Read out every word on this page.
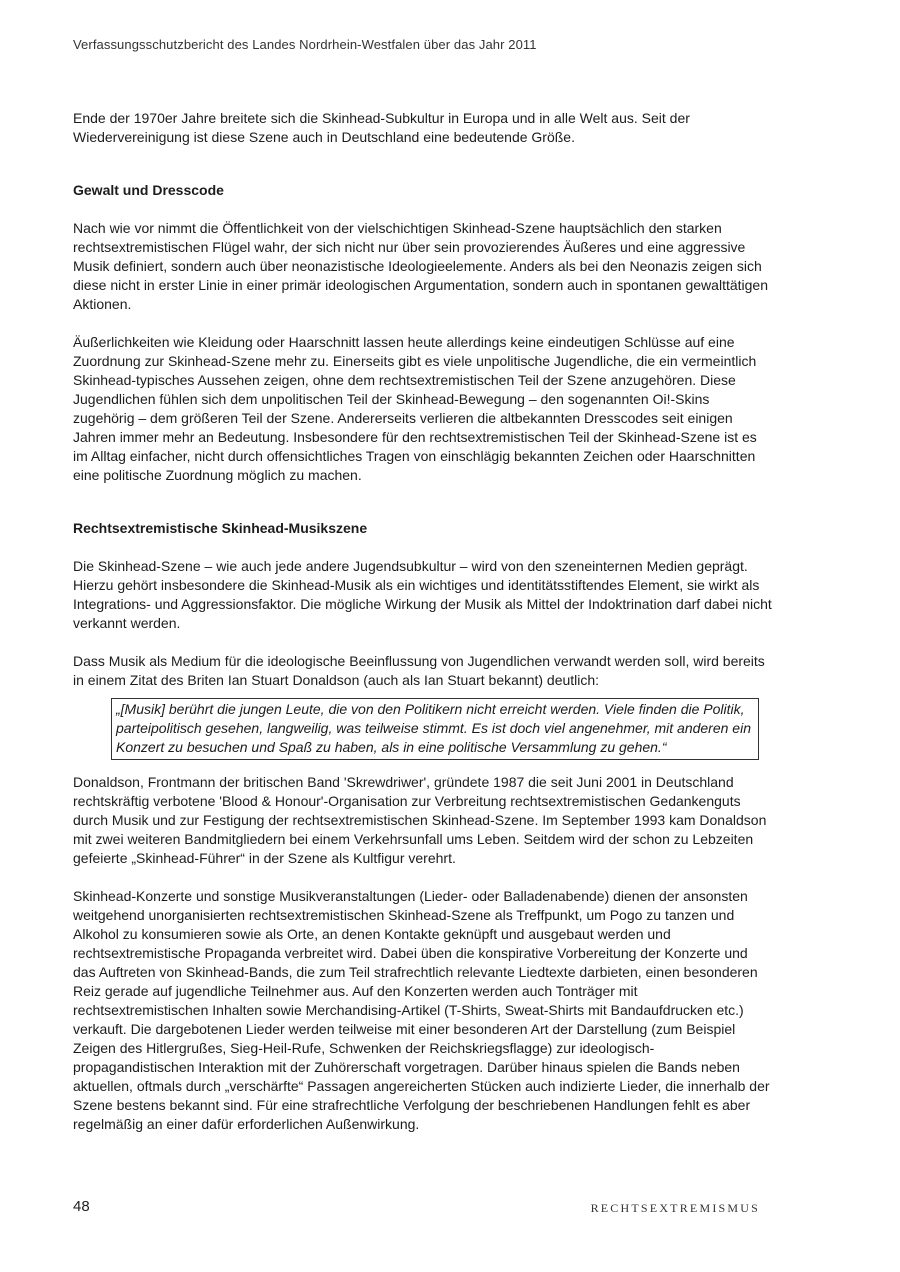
Verfassungsschutzbericht des Landes Nordrhein-Westfalen über das Jahr 2011

Ende der 1970er Jahre breitete sich die Skinhead-Subkultur in Europa und in alle Welt aus. Seit der Wiedervereinigung ist diese Szene auch in Deutschland eine bedeutende Größe.

Gewalt und Dresscode

Nach wie vor nimmt die Öffentlichkeit von der vielschichtigen Skinhead-Szene hauptsächlich den starken rechtsextremistischen Flügel wahr, der sich nicht nur über sein provozierendes Äußeres und eine aggressive Musik definiert, sondern auch über neonazistische Ideologieelemente. Anders als bei den Neonazis zeigen sich diese nicht in erster Linie in einer primär ideologischen Argumentation, sondern auch in spontanen gewalttätigen Aktionen.

Äußerlichkeiten wie Kleidung oder Haarschnitt lassen heute allerdings keine eindeutigen Schlüsse auf eine Zuordnung zur Skinhead-Szene mehr zu. Einerseits gibt es viele unpolitische Jugendliche, die ein vermeintlich Skinhead-typisches Aussehen zeigen, ohne dem rechtsextremistischen Teil der Szene anzugehören. Diese Jugendlichen fühlen sich dem unpolitischen Teil der Skinhead-Bewegung – den sogenannten Oi!-Skins zugehörig – dem größeren Teil der Szene. Andererseits verlieren die altbekannten Dresscodes seit einigen Jahren immer mehr an Bedeutung. Insbesondere für den rechtsextremistischen Teil der Skinhead-Szene ist es im Alltag einfacher, nicht durch offensichtliches Tragen von einschlägig bekannten Zeichen oder Haarschnitten eine politische Zuordnung möglich zu machen.

Rechtsextremistische Skinhead-Musikszene

Die Skinhead-Szene – wie auch jede andere Jugendsubkultur – wird von den szeneinternen Medien geprägt. Hierzu gehört insbesondere die Skinhead-Musik als ein wichtiges und identitätsstiftendes Element, sie wirkt als Integrations- und Aggressionsfaktor. Die mögliche Wirkung der Musik als Mittel der Indoktrination darf dabei nicht verkannt werden.

Dass Musik als Medium für die ideologische Beeinflussung von Jugendlichen verwandt werden soll, wird bereits in einem Zitat des Briten Ian Stuart Donaldson (auch als Ian Stuart bekannt) deutlich:

„[Musik] berührt die jungen Leute, die von den Politikern nicht erreicht werden. Viele finden die Politik, parteipolitisch gesehen, langweilig, was teilweise stimmt. Es ist doch viel angenehmer, mit anderen ein Konzert zu besuchen und Spaß zu haben, als in eine politische Versammlung zu gehen.“

Donaldson, Frontmann der britischen Band 'Skrewdriwer', gründete 1987 die seit Juni 2001 in Deutschland rechtskräftig verbotene 'Blood & Honour'-Organisation zur Verbreitung rechtsextremistischen Gedankenguts durch Musik und zur Festigung der rechtsextremistischen Skinhead-Szene. Im September 1993 kam Donaldson mit zwei weiteren Bandmitgliedern bei einem Verkehrsunfall ums Leben. Seitdem wird der schon zu Lebzeiten gefeierte „Skinhead-Führer“ in der Szene als Kultfigur verehrt.

Skinhead-Konzerte und sonstige Musikveranstaltungen (Lieder- oder Balladenabende) dienen der ansonsten weitgehend unorganisierten rechtsextremistischen Skinhead-Szene als Treffpunkt, um Pogo zu tanzen und Alkohol zu konsumieren sowie als Orte, an denen Kontakte geknüpft und ausgebaut werden und rechtsextremistische Propaganda verbreitet wird. Dabei üben die konspirative Vorbereitung der Konzerte und das Auftreten von Skinhead-Bands, die zum Teil strafrechtlich relevante Liedtexte darbieten, einen besonderen Reiz gerade auf jugendliche Teilnehmer aus. Auf den Konzerten werden auch Tonträger mit rechtsextremistischen Inhalten sowie Merchandising-Artikel (T-Shirts, Sweat-Shirts mit Bandaufdrucken etc.) verkauft. Die dargebotenen Lieder werden teilweise mit einer besonderen Art der Darstellung (zum Beispiel Zeigen des Hitlergrußes, Sieg-Heil-Rufe, Schwenken der Reichskriegsflagge) zur ideologisch-propagandistischen Interaktion mit der Zuhörerschaft vorgetragen. Darüber hinaus spielen die Bands neben aktuellen, oftmals durch „verschärfte“ Passagen angereicherten Stücken auch indizierte Lieder, die innerhalb der Szene bestens bekannt sind. Für eine strafrechtliche Verfolgung der beschriebenen Handlungen fehlt es aber regelmäßig an einer dafür erforderlichen Außenwirkung.

48	RECHTSEXTREMISMUS
